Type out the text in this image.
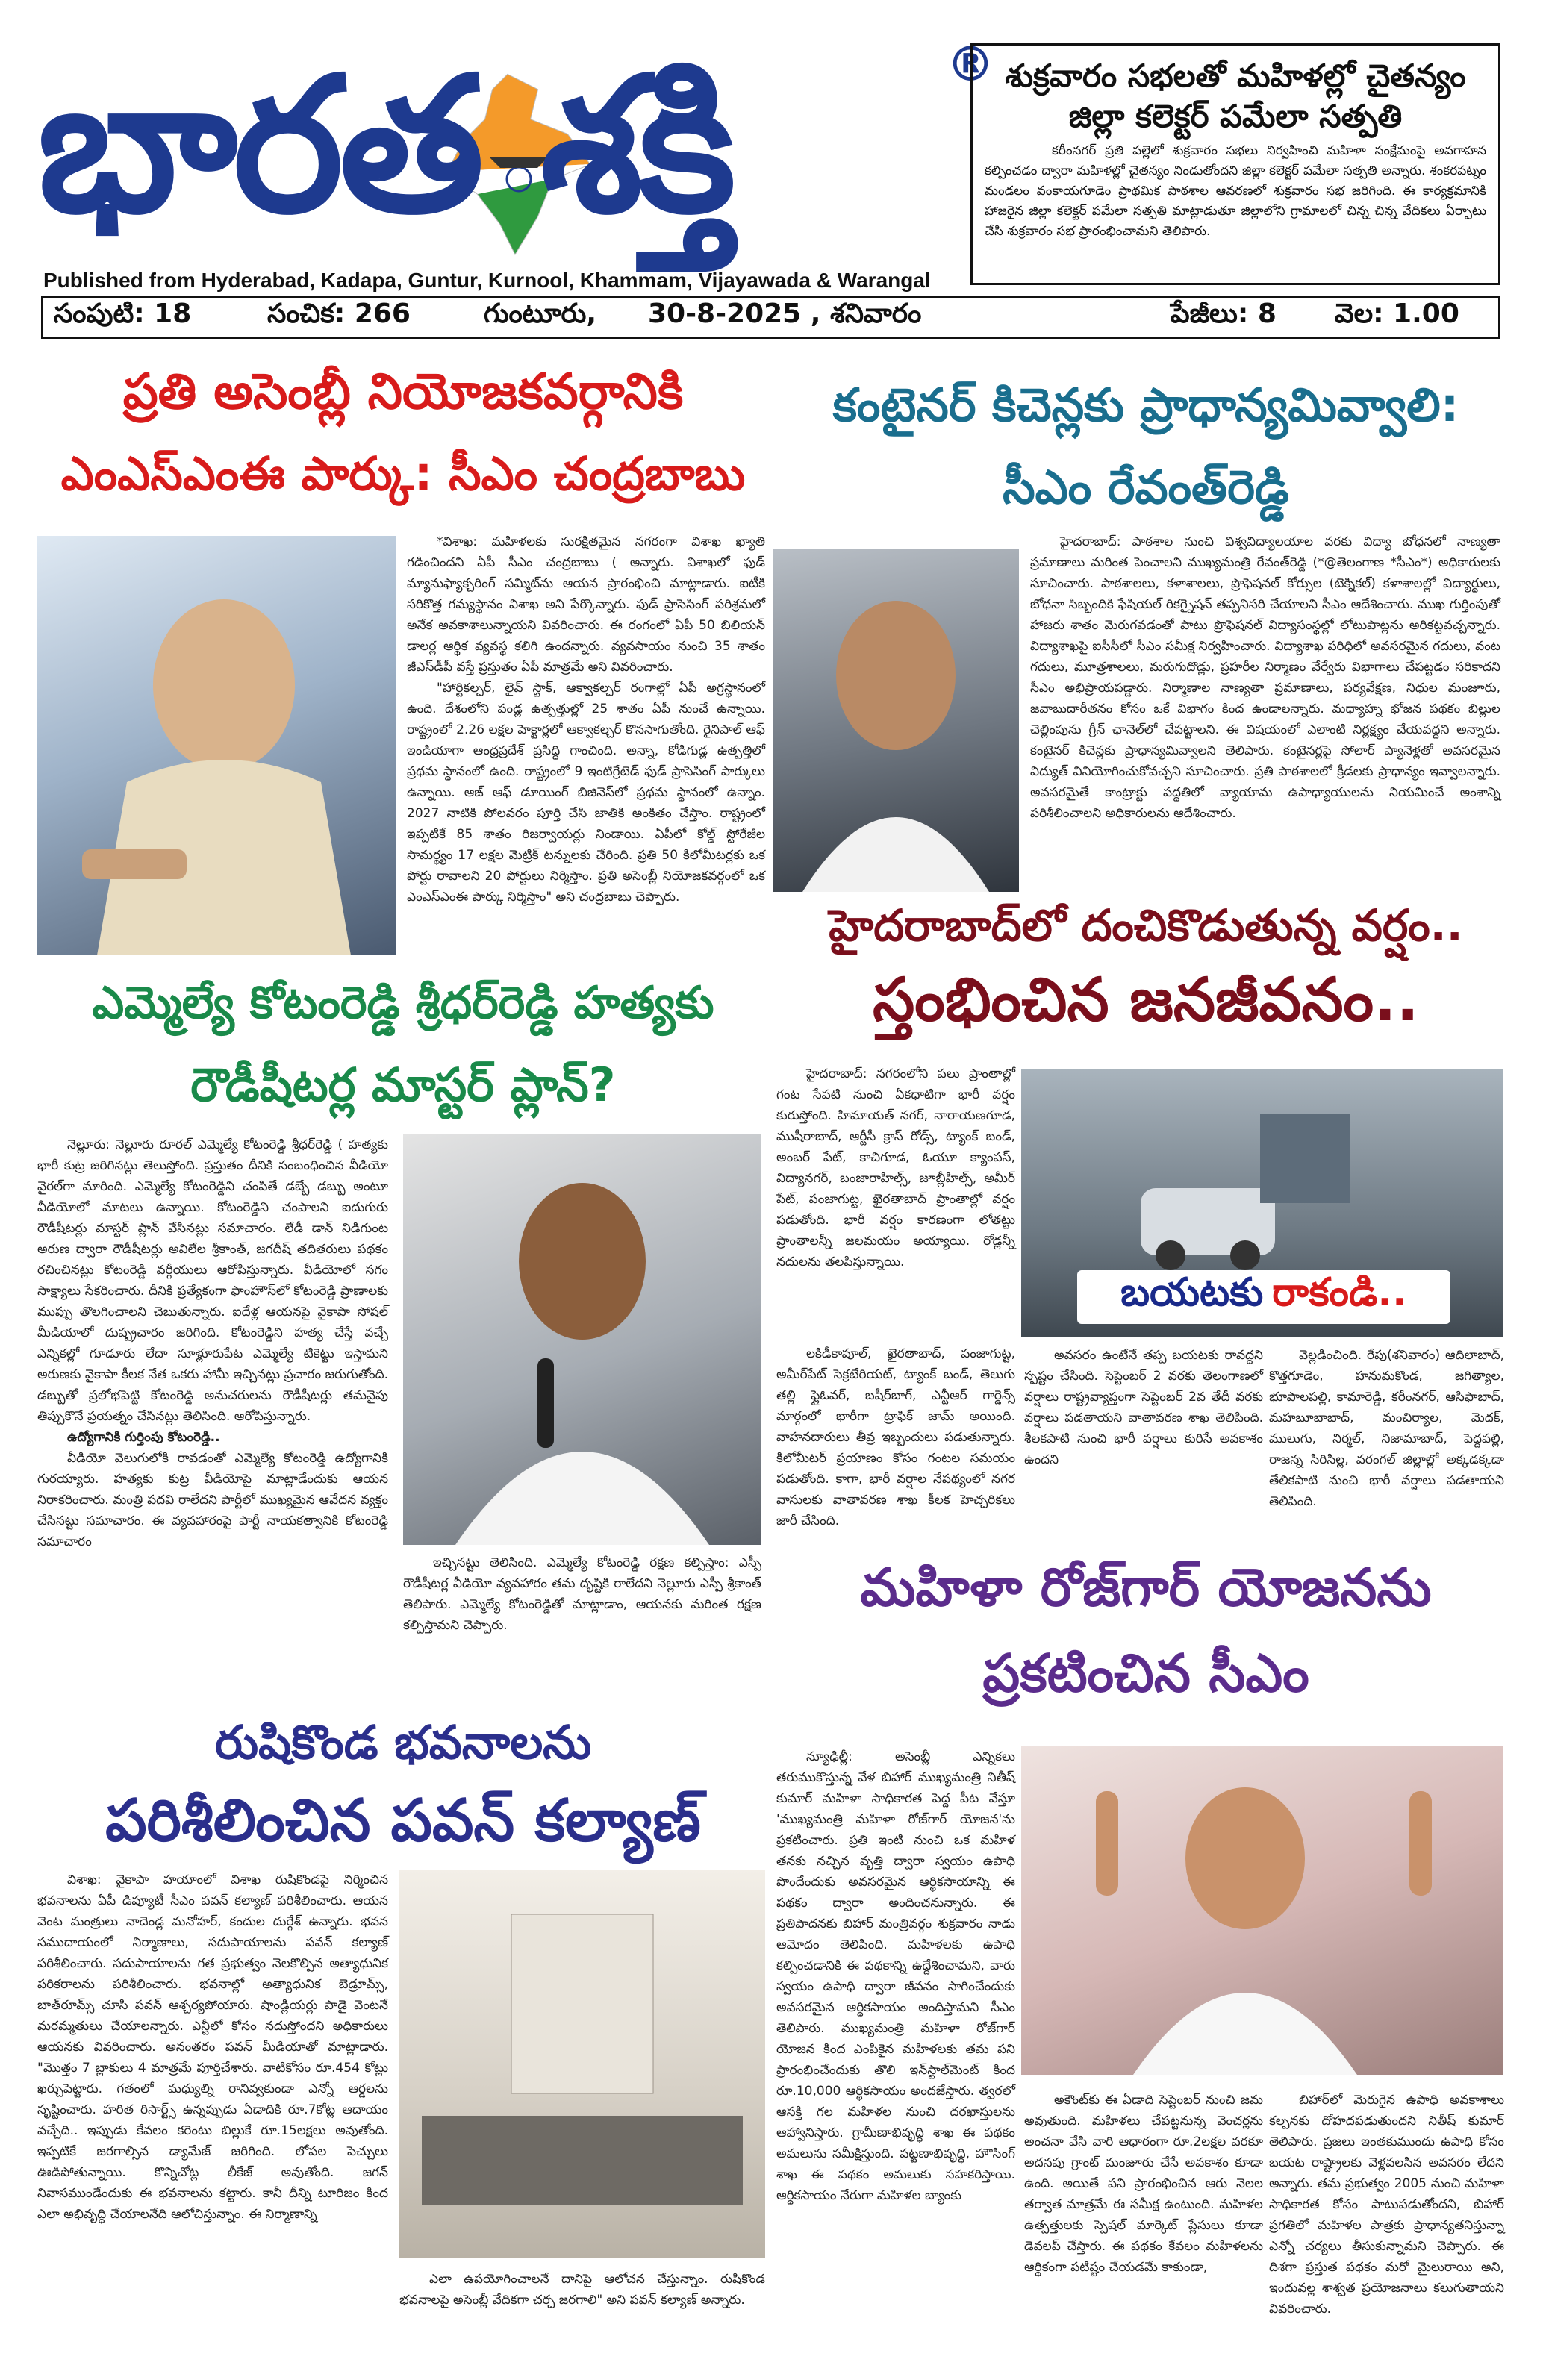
భారత శక్తి	®
Published from Hyderabad, Kadapa, Guntur, Kurnool, Khammam, Vijayawada & Warangal
శుక్రవారం సభలతో మహిళల్లో చైతన్యం
జిల్లా కలెక్టర్ పమేలా సత్పతి
కరీంనగర్ ప్రతి పల్లెలో శుక్రవారం సభలు నిర్వహించి మహిళా సంక్షేమంపై అవగాహన కల్పించడం ద్వారా మహిళల్లో చైతన్యం నిండుతోందని జిల్లా కలెక్టర్ పమేలా సత్పతి అన్నారు. శంకరపట్నం మండలం వంకాయగూడెం ప్రాథమిక పాఠశాల ఆవరణలో శుక్రవారం సభ జరిగింది. ఈ కార్యక్రమానికి హాజరైన జిల్లా కలెక్టర్ పమేలా సత్పతి మాట్లాడుతూ జిల్లాలోని గ్రామాలలో చిన్న చిన్న వేదికలు ఏర్పాటు చేసి శుక్రవారం సభ ప్రారంభించామని తెలిపారు.
సంపుటి: 18	సంచిక: 266	గుంటూరు, 30-8-2025 , శనివారం	పేజీలు: 8 వెల: 1.00
ప్రతి అసెంబ్లీ నియోజకవర్గానికి
ఎంఎస్ఎంఈ పార్కు: సీఎం చంద్రబాబు

*విశాఖ: మహిళలకు సురక్షితమైన నగరంగా విశాఖ ఖ్యాతి గడించిందని ఏపీ సీఎం చంద్రబాబు ( అన్నారు. విశాఖలో ఫుడ్ మ్యానుఫ్యాక్చరింగ్ సమ్మిట్‌ను ఆయన ప్రారంభించి మాట్లాడారు. ఐటీకి సరికొత్త గమ్యస్థానం విశాఖ అని పేర్కొన్నారు. ఫుడ్ ప్రాసెసింగ్ పరిశ్రమలో అనేక అవకాశాలున్నాయని వివరించారు. ఈ రంగంలో ఏపీ 50 బిలియన్ డాలర్ల ఆర్థిక వ్యవస్థ కలిగి ఉందన్నారు. వ్యవసాయం నుంచి 35 శాతం జీఎస్‌డీపీ వస్తే ప్రస్తుతం ఏపీ మాత్రమే అని వివరించారు.

"హార్టికల్చర్, లైవ్ స్టాక్, ఆక్వాకల్చర్ రంగాల్లో ఏపీ అగ్రస్థానంలో ఉంది. దేశంలోని పండ్ల ఉత్పత్తుల్లో 25 శాతం ఏపీ నుంచే ఉన్నాయి. రాష్ట్రంలో 2.26 లక్షల హెక్టార్లలో ఆక్వాకల్చర్ కొనసాగుతోంది. రైనిపాల్ ఆఫ్ ఇండియాగా ఆంధ్రప్రదేశ్ ప్రసిద్ధి గాంచింది. అన్నా, కోడిగుడ్ల ఉత్పత్తిలో ప్రథమ స్థానంలో ఉంది. రాష్ట్రంలో 9 ఇంటిగ్రేటెడ్ ఫుడ్ ప్రాసెసింగ్ పార్కులు ఉన్నాయి. ఆఙ్ ఆఫ్ డూయింగ్ బిజినెస్‌లో ప్రథమ స్థానంలో ఉన్నాం. 2027 నాటికి పోలవరం పూర్తి చేసి జాతికి అంకితం చేస్తాం. రాష్ట్రంలో ఇప్పటికే 85 శాతం రిజర్వాయర్లు నిండాయి. ఏపీలో కోల్డ్ స్టోరేజీల సామర్థ్యం 17 లక్షల మెట్రిక్ టన్నులకు చేరింది. ప్రతి 50 కిలోమీటర్లకు ఒక పోర్టు రావాలని 20 పోర్టులు నిర్మిస్తాం. ప్రతి అసెంబ్లీ నియోజకవర్గంలో ఒక ఎంఎస్ఎంఈ పార్కు నిర్మిస్తాం" అని చంద్రబాబు చెప్పారు.

కంటైనర్ కిచెన్లకు ప్రాధాన్యమివ్వాలి:
సీఎం రేవంత్‌రెడ్డి

హైదరాబాద్: పాఠశాల నుంచి విశ్వవిద్యాలయాల వరకు విద్యా బోధనలో నాణ్యతా ప్రమాణాలు మరింత పెంచాలని ముఖ్యమంత్రి రేవంత్‌రెడ్డి (*@తెలంగాణ *సీఎం*) అధికారులకు సూచించారు. పాఠశాలలు, కళాశాలలు, ప్రొఫెషనల్ కోర్సుల (టెక్నికల్) కళాశాలల్లో విద్యార్థులు, బోధనా సిబ్బందికి ఫేషియల్ రికగ్నైషన్ తప్పనిసరి చేయాలని సీఎం ఆదేశించారు. ముఖ గుర్తింపుతో హాజరు శాతం మెరుగవడంతో పాటు ప్రొఫెషనల్ విద్యాసంస్థల్లో లోటుపాట్లను అరికట్టవచ్చన్నారు. విద్యాశాఖపై ఐసీసీలో సీఎం సమీక్ష నిర్వహించారు. విద్యాశాఖ పరిధిలో అవసరమైన గదులు, వంట గదులు, మూత్రశాలలు, మరుగుదొడ్లు, ప్రహరీల నిర్మాణం వేర్వేరు విభాగాలు చేపట్టడం సరికాదని సీఎం అభిప్రాయపడ్డారు. నిర్మాణాల నాణ్యతా ప్రమాణాలు, పర్యవేక్షణ, నిధుల మంజూరు, జవాబుదారీతనం కోసం ఒకే విభాగం కింద ఉండాలన్నారు. మధ్యాహ్న భోజన పథకం బిల్లుల చెల్లింపును గ్రీన్ ఛానెల్‌లో చేపట్టాలని. ఈ విషయంలో ఎలాంటి నిర్లక్ష్యం చేయవద్దని అన్నారు. కంటైనర్ కిచెన్లకు ప్రాధాన్యమివ్వాలని తెలిపారు. కంటైనర్లపై సోలార్ ప్యానెళ్లతో అవసరమైన విద్యుత్ వినియోగించుకోవచ్చని సూచించారు. ప్రతి పాఠశాలలో క్రీడలకు ప్రాధాన్యం ఇవ్వాలన్నారు. అవసరమైతే కాంట్రాక్టు పద్ధతిలో వ్యాయామ ఉపాధ్యాయులను నియమించే అంశాన్ని పరిశీలించాలని అధికారులను ఆదేశించారు.

హైదరాబాద్‌లో దంచికొడుతున్న వర్షం..
స్తంభించిన జనజీవనం..

హైదరాబాద్: నగరంలోని పలు ప్రాంతాల్లో గంట సేపటి నుంచి ఏకధాటిగా భారీ వర్షం కురుస్తోంది. హిమాయత్ నగర్, నారాయణగూడ, ముషీరాబాద్, ఆర్టీసీ క్రాస్ రోడ్స్, ట్యాంక్ బండ్, అంబర్ పేట్, కాచిగూడ, ఓయూ క్యాంపస్, విద్యానగర్, బంజారాహిల్స్, జూబ్లీహిల్స్, అమీర్ పేట్, పంజాగుట్ట, ఖైరతాబాద్ ప్రాంతాల్లో వర్షం పడుతోంది. భారీ వర్షం కారణంగా లోతట్టు ప్రాంతాలన్నీ జలమయం అయ్యాయి. రోడ్లన్నీ నదులను తలపిస్తున్నాయి.

బయటకు రాకండి..

లకిడీకాపూల్, ఖైరతాబాద్, పంజాగుట్ట, అమీర్‌పేట్ సెక్రటేరియట్, ట్యాంక్ బండ్, తెలుగు తల్లి ఫ్లైఓవర్, బషీర్‌బాగ్, ఎన్టీఆర్ గార్డెన్స్ మార్గంలో భారీగా ట్రాఫిక్ జామ్ అయింది. వాహనదారులు తీవ్ర ఇబ్బందులు పడుతున్నారు. కిలోమీటర్ ప్రయాణం కోసం గంటల సమయం పడుతోంది. కాగా, భారీ వర్షాల నేపథ్యంలో నగర వాసులకు వాతావరణ శాఖ కీలక హెచ్చరికలు జారీ చేసింది.

అవసరం ఉంటేనే తప్ప బయటకు రావద్దని స్పష్టం చేసింది. సెప్టెంబర్ 2 వరకు తెలంగాణలో వర్షాలు రాష్ట్రవ్యాప్తంగా సెప్టెంబర్ 2వ తేదీ వరకు వర్షాలు పడతాయని వాతావరణ శాఖ తెలిపింది. శీలకపాటి నుంచి భారీ వర్షాలు కురిసే అవకాశం ఉందని

వెల్లడించింది. రేపు(శనివారం) ఆదిలాబాద్, కొత్తగూడెం, హనుమకొండ, జగిత్యాల, భూపాలపల్లి, కామారెడ్డి, కరీంనగర్, ఆసిఫాబాద్, మహబూబాబాద్, మంచిర్యాల, మెదక్, ములుగు, నిర్మల్, నిజామాబాద్, పెద్దపల్లి, రాజన్న సిరిసిల్ల, వరంగల్ జిల్లాల్లో అక్కడక్కడా తేలికపాటి నుంచి భారీ వర్షాలు పడతాయని తెలిపింది.

ఎమ్మెల్యే కోటంరెడ్డి శ్రీధర్‌రెడ్డి హత్యకు
రౌడీషీటర్ల మాస్టర్ ప్లాన్?

నెల్లూరు: నెల్లూరు రూరల్ ఎమ్మెల్యే కోటంరెడ్డి శ్రీధర్‌రెడ్డి ( హత్యకు భారీ కుట్ర జరిగినట్లు తెలుస్తోంది. ప్రస్తుతం దీనికి సంబంధించిన వీడియో వైరల్‌గా మారింది. ఎమ్మెల్యే కోటంరెడ్డిని చంపితే డబ్బే డబ్బు అంటూ వీడియోలో మాటలు ఉన్నాయి. కోటంరెడ్డిని చంపాలని ఐదుగురు రౌడీషీటర్లు మాస్టర్ ప్లాన్ వేసినట్లు సమాచారం. లేడీ డాన్ నిడిగుంట అరుణ ద్వారా రౌడీషీటర్లు అవిలేల శ్రీకాంత్, జగదీష్ తదితరులు పథకం రచించినట్లు కోటంరెడ్డి వర్గీయులు ఆరోపిస్తున్నారు. వీడియోలో సగం సాక్ష్యాలు సేకరించారు. దీనికి ప్రత్యేకంగా ఫాంహౌస్‌లో కోటంరెడ్డి ప్రాణాలకు ముప్పు తొలగించాలని చెబుతున్నారు. ఐదేళ్ల ఆయనపై వైకాపా సోషల్ మీడియాలో దుష్ప్రచారం జరిగింది. కోటంరెడ్డిని హత్య చేస్తే వచ్చే ఎన్నికల్లో గూడూరు లేదా సూళ్లూరుపేట ఎమ్మెల్యే టికెట్టు ఇస్తామని అరుణకు వైకాపా కీలక నేత ఒకరు హామీ ఇచ్చినట్లు ప్రచారం జరుగుతోంది. డబ్బుతో ప్రలోభపెట్టి కోటంరెడ్డి అనుచరులను రౌడీషీటర్లు తమవైపు తిప్పుకొనే ప్రయత్నం చేసినట్లు తెలిసింది. ఆరోపిస్తున్నారు.

ఉద్యోగానికి గుర్తింపు కోటంరెడ్డి..

వీడియో వెలుగులోకి రావడంతో ఎమ్మెల్యే కోటంరెడ్డి ఉద్యోగానికి గురయ్యారు. హత్యకు కుట్ర వీడియోపై మాట్లాడేందుకు ఆయన నిరాకరించారు. మంత్రి పదవి రాలేదని పార్టీలో ముఖ్యమైన ఆవేదన వ్యక్తం చేసినట్టు సమాచారం. ఈ వ్యవహారంపై పార్టీ నాయకత్వానికి కోటంరెడ్డి సమాచారం

ఇచ్చినట్టు తెలిసింది. ఎమ్మెల్యే కోటంరెడ్డి రక్షణ కల్పిస్తాం: ఎస్పీ రౌడీషీటర్ల వీడియో వ్యవహారం తమ దృష్టికి రాలేదని నెల్లూరు ఎస్పీ శ్రీకాంత్ తెలిపారు. ఎమ్మెల్యే కోటంరెడ్డితో మాట్లాడాం, ఆయనకు మరింత రక్షణ కల్పిస్తామని చెప్పారు.

రుషికొండ భవనాలను
పరిశీలించిన పవన్ కల్యాణ్

విశాఖ: వైకాపా హయాంలో విశాఖ రుషికొండపై నిర్మించిన భవనాలను ఏపీ డిప్యూటీ సీఎం పవన్ కల్యాణ్ పరిశీలించారు. ఆయన వెంట మంత్రులు నాదెండ్ల మనోహర్, కందుల దుర్గేశ్ ఉన్నారు. భవన సముదాయంలో నిర్మాణాలు, సదుపాయాలను పవన్ కల్యాణ్ పరిశీలించారు. సదుపాయాలను గత ప్రభుత్వం నెలకొల్పిన అత్యాధునిక పరికరాలను పరిశీలించారు. భవనాల్లో అత్యాధునిక బెడ్రూమ్స్, బాత్‌రూమ్స్ చూసి పవన్ ఆశ్చర్యపోయారు. షాండ్లియర్లు పాడై వెంటనే మరమ్మతులు చేయాలన్నారు. ఎన్టీలో కోసం నదుస్తోందని అధికారులు ఆయనకు వివరించారు. అనంతరం పవన్ మీడియాతో మాట్లాడారు. "మొత్తం 7 బ్లాకులు 4 మాత్రమే పూర్తిచేశారు. వాటికోసం రూ.454 కోట్లు ఖర్చుపెట్టారు. గతంలో మధ్యుల్ని రానివ్వకుండా ఎన్నో ఆర్డలను సృష్టించారు. హరిత రిసార్ట్స్ ఉన్నప్పుడు ఏడాదికి రూ.7కోట్ల ఆదాయం వచ్చేది.. ఇప్పుడు కేవలం కరెంటు బిల్లుకే రూ.15లక్షలు అవుతోంది. ఇప్పటికే జరగాల్సిన డ్యామేజ్ జరిగింది. లోపల పెచ్చులు ఊడిపోతున్నాయి. కొన్నిచోట్ల లీకేజ్ అవుతోంది. జగన్ నివాసముండేందుకు ఈ భవనాలను కట్టారు. కానీ దీన్ని టూరిజం కింద ఎలా అభివృద్ధి చేయాలనేది ఆలోచిస్తున్నాం. ఈ నిర్మాణాన్ని

ఎలా ఉపయోగించాలనే దానిపై ఆలోచన చేస్తున్నాం. రుషికొండ భవనాలపై అసెంబ్లీ వేదికగా చర్చ జరగాలి" అని పవన్ కల్యాణ్ అన్నారు.

మహిళా రోజ్‌గార్ యోజనను
ప్రకటించిన సీఎం

న్యూఢిల్లీ: అసెంబ్లీ ఎన్నికలు తరుముకొస్తున్న వేళ బిహార్ ముఖ్యమంత్రి నితీష్ కుమార్ మహిళా సాధికారత పెద్ద పీట వేస్తూ 'ముఖ్యమంత్రి మహిళా రోజ్‌గార్ యోజన'ను ప్రకటించారు. ప్రతి ఇంటి నుంచి ఒక మహిళ తనకు నచ్చిన వృత్తి ద్వారా స్వయం ఉపాధి పొందేందుకు అవసరమైన ఆర్థికసాయాన్ని ఈ పథకం ద్వారా అందించనున్నారు. ఈ ప్రతిపాదనకు బిహార్ మంత్రివర్గం శుక్రవారం నాడు ఆమోదం తెలిపింది. మహిళలకు ఉపాధి కల్పించడానికి ఈ పథకాన్ని ఉద్దేశించామని, వారు స్వయం ఉపాధి ద్వారా జీవనం సాగించేందుకు అవసరమైన ఆర్థికసాయం అందిస్తామని సీఎం తెలిపారు. ముఖ్యమంత్రి మహిళా రోజ్‌గార్ యోజన కింద ఎంపికైన మహిళలకు తమ పని ప్రారంభించేందుకు తొలి ఇన్‌స్టాల్‌మెంట్ కింద రూ.10,000 ఆర్థికసాయం అందజేస్తారు. త్వరలో ఆసక్తి గల మహిళల నుంచి దరఖాస్తులను ఆహ్వానిస్తారు. గ్రామీణాభివృద్ధి శాఖ ఈ పథకం అమలును సమీక్షిస్తుంది. పట్టణాభివృద్ధి, హౌసింగ్ శాఖ ఈ పథకం అమలుకు సహకరిస్తాయి. ఆర్థికసాయం నేరుగా మహిళల బ్యాంకు

అకౌంట్‌కు ఈ ఏడాది సెప్టెంబర్ నుంచి జమ అవుతుంది. మహిళలు చేపట్టనున్న వెంచర్లను అంచనా వేసి వారి ఆధారంగా రూ.2లక్షల వరకూ అదనపు గ్రాంట్ మంజూరు చేసే అవకాశం కూడా ఉంది. అయితే పని ప్రారంభించిన ఆరు నెలల తర్వాత మాత్రమే ఈ సమీక్ష ఉంటుంది. మహిళల ఉత్పత్తులకు స్పెషల్ మార్కెట్ ప్లేసులు కూడా డెవలప్ చేస్తారు. ఈ పథకం కేవలం మహిళలను ఆర్థికంగా పటిష్టం చేయడమే కాకుండా,

బిహార్‌లో మెరుగైన ఉపాధి అవకాశాలు కల్పనకు దోహదపడుతుందని నితీష్ కుమార్ తెలిపారు. ప్రజలు ఇంతకుముందు ఉపాధి కోసం బయట రాష్ట్రాలకు వెళ్లవలసిన అవసరం లేదని అన్నారు. తమ ప్రభుత్వం 2005 నుంచి మహిళా సాధికారత కోసం పాటుపడుతోందని, బిహార్ ప్రగతిలో మహిళల పాత్రకు ప్రాధాన్యతనిస్తున్నా ఎన్నో చర్యలు తీసుకున్నామని చెప్పారు. ఈ దిశగా ప్రస్తుత పథకం మరో మైలురాయి అని, ఇందువల్ల శాశ్వత ప్రయోజనాలు కలుగుతాయని వివరించారు.
